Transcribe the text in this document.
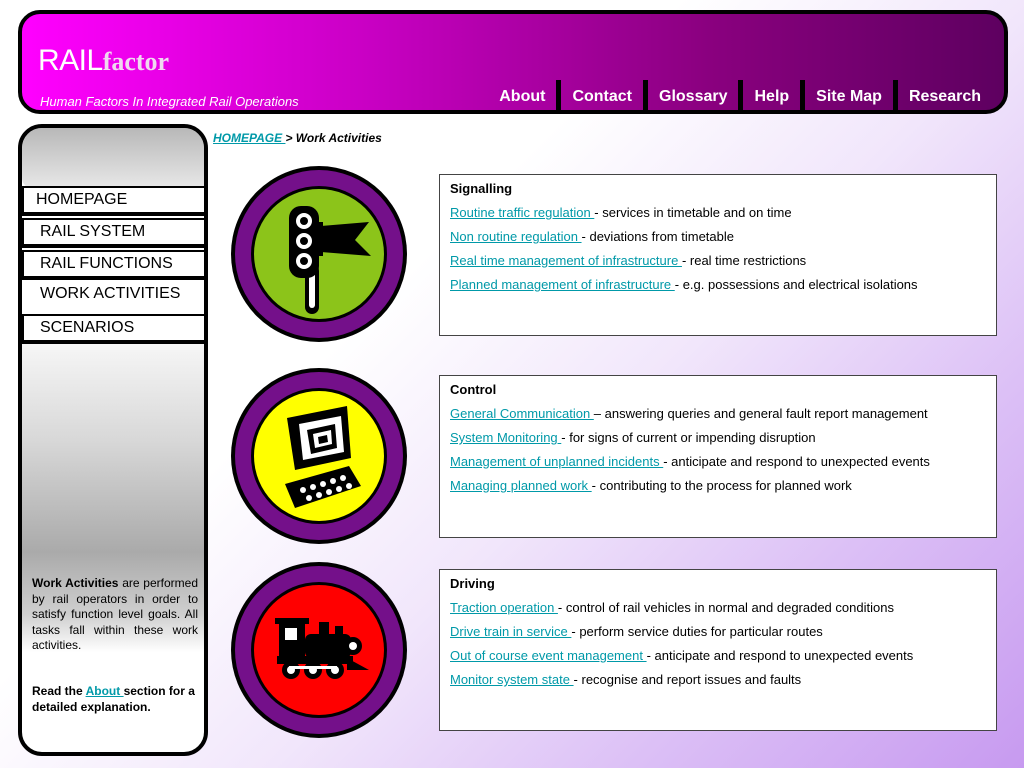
RAILfactor
Human Factors In Integrated Rail Operations	About	Contact	Glossary	Help	Site Map	Research
HOMEPAGE
RAIL SYSTEM
RAIL FUNCTIONS
WORK ACTIVITIES
SCENARIOS
Work Activities are performed by rail operators in order to satisfy function level goals. All tasks fall within these work activities.
Read the About section for a detailed explanation.
HOMEPAGE > Work Activities
Signalling
Routine traffic regulation - services in timetable and on time
Non routine regulation - deviations from timetable
Real time management of infrastructure - real time restrictions
Planned management of infrastructure - e.g. possessions and electrical isolations
Control
General Communication – answering queries and general fault report management
System Monitoring - for signs of current or impending disruption
Management of unplanned incidents - anticipate and respond to unexpected events
Managing planned work - contributing to the process for planned work
Driving
Traction operation - control of rail vehicles in normal and degraded conditions
Drive train in service - perform service duties for particular routes
Out of course event management - anticipate and respond to unexpected events
Monitor system state - recognise and report issues and faults
